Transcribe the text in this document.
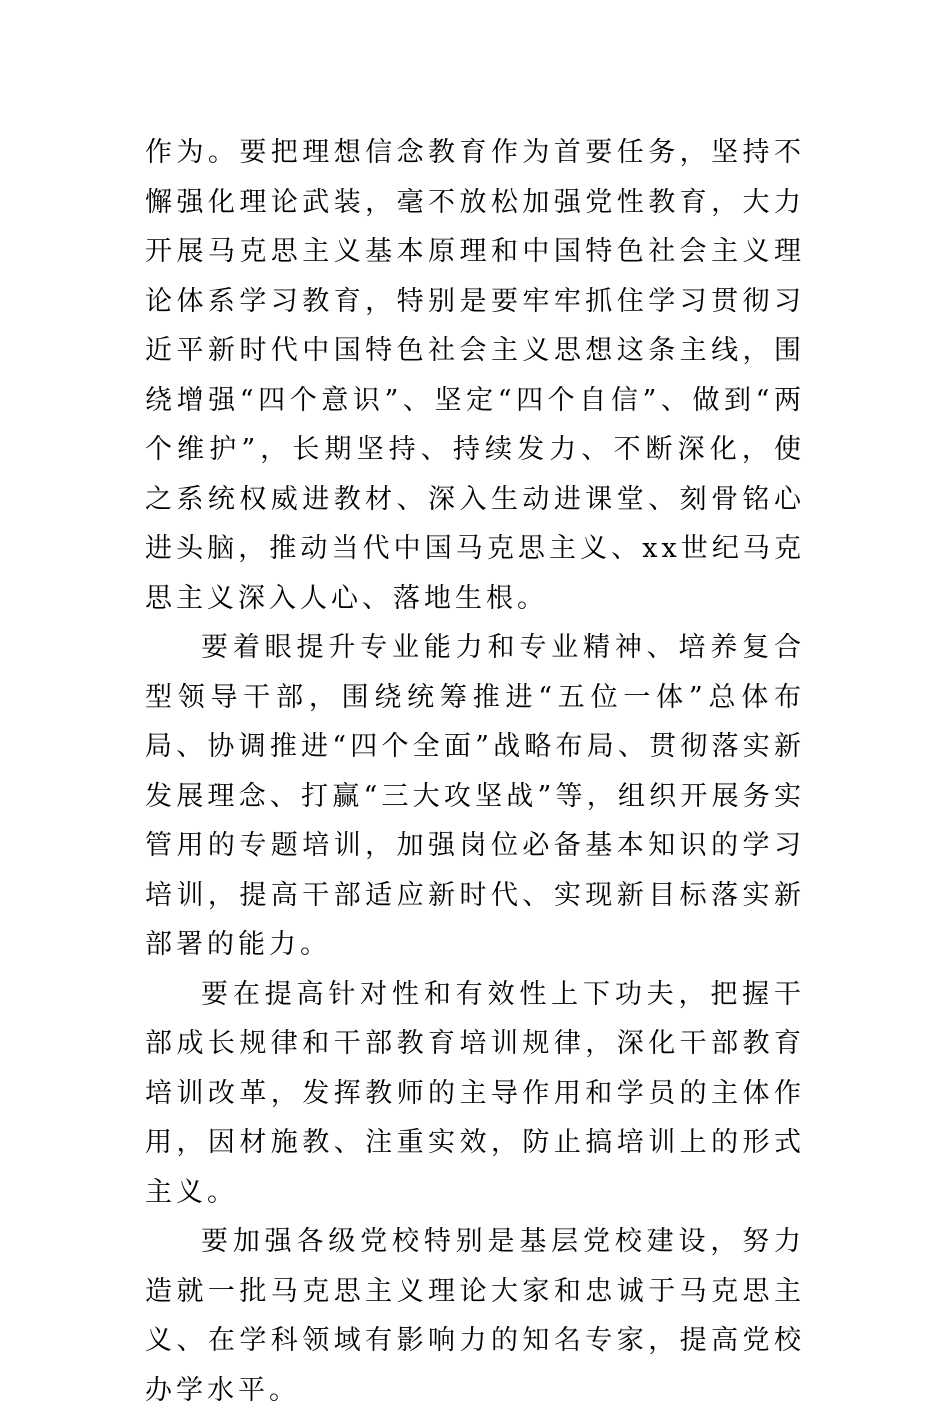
作为。要把理想信念教育作为首要任务，坚持不懈强化理论武装，毫不放松加强党性教育，大力开展马克思主义基本原理和中国特色社会主义理论体系学习教育，特别是要牢牢抓住学习贯彻习近平新时代中国特色社会主义思想这条主线，围绕增强“四个意识”、坚定“四个自信”、做到“两个维护”，长期坚持、持续发力、不断深化，使之系统权威进教材、深入生动进课堂、刻骨铭心进头脑，推动当代中国马克思主义、xx世纪马克思主义深入人心、落地生根。

要着眼提升专业能力和专业精神、培养复合型领导干部，围绕统筹推进“五位一体”总体布局、协调推进“四个全面”战略布局、贯彻落实新发展理念、打赢“三大攻坚战”等，组织开展务实管用的专题培训，加强岗位必备基本知识的学习培训，提高干部适应新时代、实现新目标落实新部署的能力。

要在提高针对性和有效性上下功夫，把握干部成长规律和干部教育培训规律，深化干部教育培训改革，发挥教师的主导作用和学员的主体作用，因材施教、注重实效，防止搞培训上的形式主义。

要加强各级党校特别是基层党校建设，努力造就一批马克思主义理论大家和忠诚于马克思主义、在学科领域有影响力的知名专家，提高党校办学水平。
